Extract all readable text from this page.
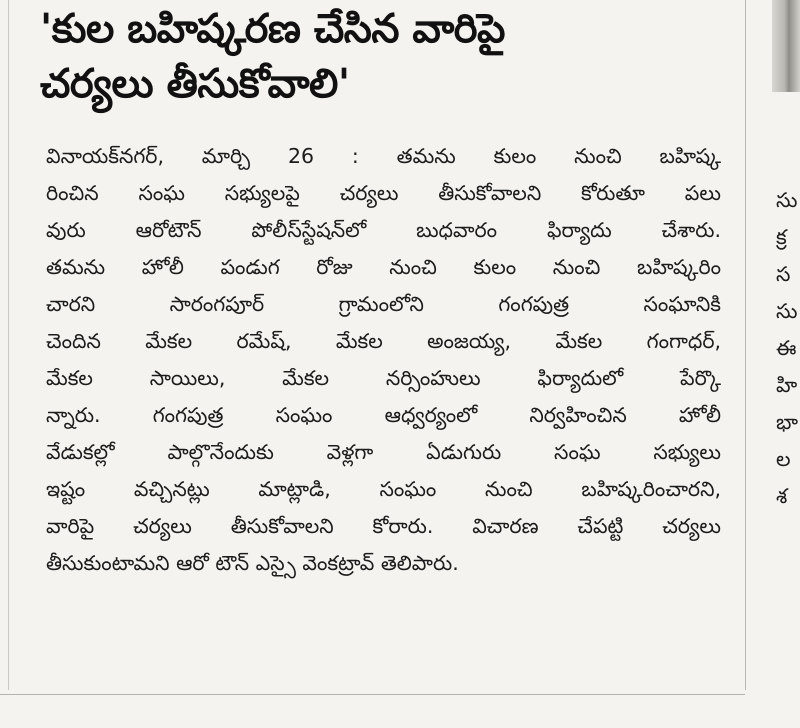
'కుల బహిష్కరణ చేసిన వారిపై
చర్యలు తీసుకోవాలి'
వినాయక్‌నగర్, మార్చి 26 : తమను కులం నుంచి బహిష్క
రించిన సంఘ సభ్యులపై చర్యలు తీసుకోవాలని కోరుతూ పలు
వురు ఆరోటౌన్ పోలీస్‌స్టేషన్‌లో బుధవారం ఫిర్యాదు చేశారు.
తమను హోలీ పండుగ రోజు నుంచి కులం నుంచి బహిష్కరిం
చారని సారంగపూర్ గ్రామంలోని గంగపుత్ర సంఘానికి
చెందిన మేకల రమేష్, మేకల అంజయ్య, మేకల గంగాధర్,
మేకల సాయిలు, మేకల నర్సింహులు ఫిర్యాదులో పేర్కొ
న్నారు. గంగపుత్ర సంఘం ఆధ్వర్యంలో నిర్వహించిన హోలీ
వేడుకల్లో పాల్గొనేందుకు వెళ్లగా ఏడుగురు సంఘ సభ్యులు
ఇష్టం వచ్చినట్లు మాట్లాడి, సంఘం నుంచి బహిష్కరించారని,
వారిపై చర్యలు తీసుకోవాలని కోరారు. విచారణ చేపట్టి చర్యలు
తీసుకుంటామని ఆరో టౌన్ ఎస్సై వెంకట్రావ్ తెలిపారు.
సు
క్ర
స
సు
ఈ
హి
భా
ల
శ
